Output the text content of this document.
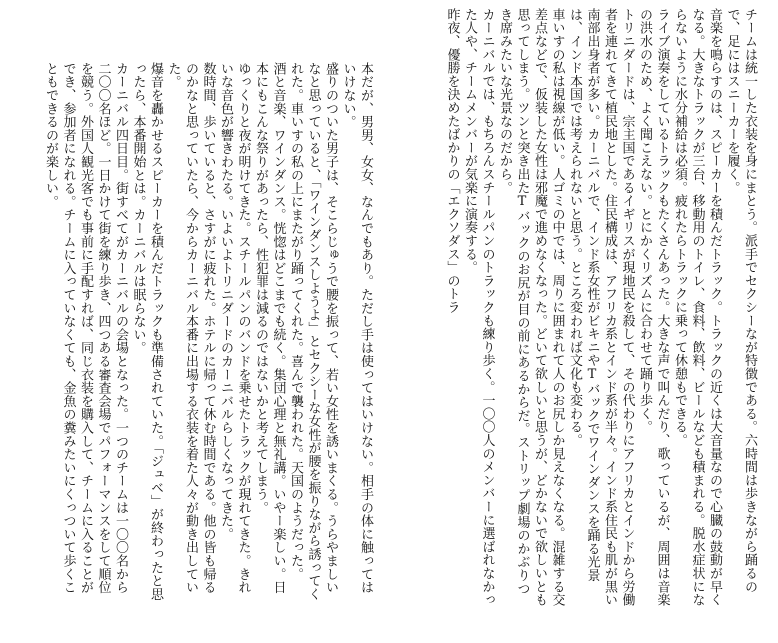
チームは統一した衣装を身にまとう。派手でセクシーなが特徴である。六時間は歩きながら踊るので、足にはスニーカーを履く。

音楽を鳴らすのは、スピーカーを積んだトラック。トラックの近くは大音量なので心臓の鼓動が早くなる。大きなトラックが三台、移動用のトイレ、食料、飲料、ビールなども積まれる。脱水症状にならないように水分補給は必須。疲れたらトラックに乗って休憩もできる。

ライブ演奏をしているトラックもたくさんあった。大きな声で叫んだり、歌っているが、周囲は音楽の洪水のため、よく聞こえない。とにかくリズムに合わせて踊り歩く。

トリニダードは、宗主国であるイギリスが現地民を殺して、その代わりにアフリカとインドから労働者を連れてきて植民地とした。住民構成は、アフリカ系とインド系が半々。インド系住民も肌が黒い南部出身者が多い。カーニバルで、インド系女性がビキニやTバックでワインダンスを踊る光景は、インド本国では考えられないと思う。ところ変われば文化も変わる。

車いすの私は視線が低い。人ゴミの中では、周りに囲まれて人のお尻しか見えなくなる。混雑する交差点などで、仮装した女性は邪魔で進めなくなった。どいて欲しいと思うが、どかないで欲しいとも思ってしまう。ツンと突き出たTバックのお尻が目の前にあるからだ。ストリップ劇場のかぶりつき席みたいな光景なのだから。

カーニバルでは、もちろんスチールパンのトラックも練り歩く。一〇〇人のメンバーに選ばれなかった人や、チームメンバーが気楽に演奏する。

昨夜、優勝を決めたばかりの「エクソダス」のトラ

本だが、男男、女女、なんでもあり。ただし手は使ってはいけない。相手の体に触ってはいけない。

盛りのついた男子は、そこらじゅうで腰を振って、若い女性を誘いまくる。うらやましいなと思っていると、「ワインダンスしようよ」とセクシーな女性が腰を振りながら誘ってくれた。車いすの私の上にまたがり踊ってくれた。喜んで襲われた。天国のようだった。

酒と音楽、ワインダンス。恍惚はどこまでも続く。集団心理と無礼講。いやー楽しい。日本にもこんな祭りがあったら、性犯罪は減るのではないかと考えてしまう。

ゆっくりと夜が明けてきた。スチールパンのバンドを乗せたトラックが現れてきた。きれいな音色が響きわたる。いよいよトリニダードのカーニバルらしくなってきた。

数時間、歩いていると、さすがに疲れた。ホテルに帰って休む時間である。他の皆も帰るのかなと思っていたら、今からカーニバル本番に出場する衣装を着た人々が動き出していた。

爆音を轟かせるスピーカーを積んだトラックも準備されていた。「ジュベ」が終わったと思ったら、本番開始とは。カーニバルは眠らない。

カーニバル四日目。街すべてがカーニバルの会場となった。一つのチームは一〇〇名から二〇〇名ほど。一日かけて街を練り歩き、四つある審査会場でパフォーマンスをして順位を競う。外国人観光客でも事前に手配すれば、同じ衣装を購入して、チームに入ることができ、参加者になれる。チームに入っていなくても、金魚の糞みたいにくっついて歩くこともできるのが楽しい。
